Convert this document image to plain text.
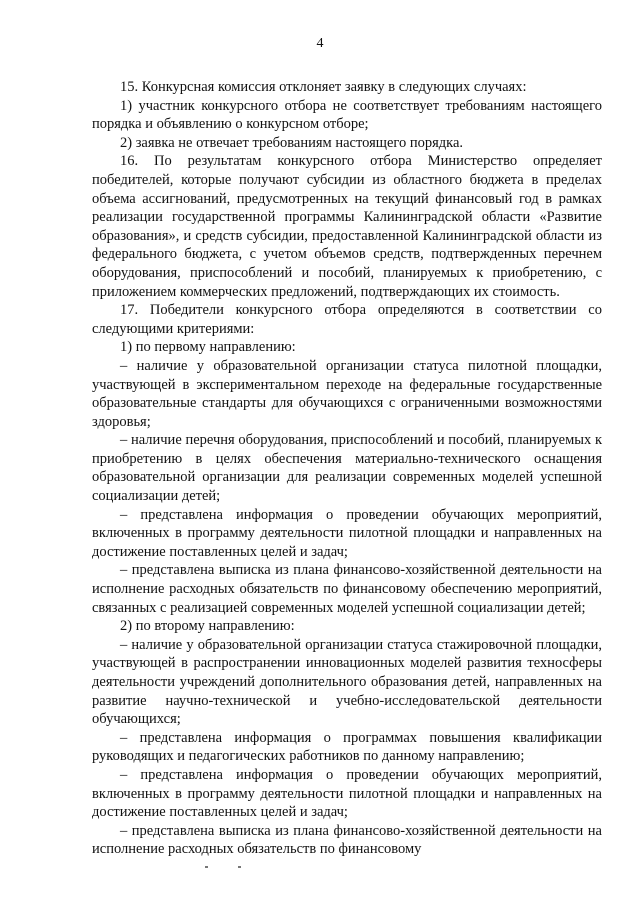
4

15. Конкурсная комиссия отклоняет заявку в следующих случаях:

1) участник конкурсного отбора не соответствует требованиям настоящего порядка и объявлению о конкурсном отборе;

2) заявка не отвечает требованиям настоящего порядка.

16. По результатам конкурсного отбора Министерство определяет победителей, которые получают субсидии из областного бюджета в пределах объема ассигнований, предусмотренных на текущий финансовый год в рамках реализации государственной программы Калининградской области «Развитие образования», и средств субсидии, предоставленной Калининградской области из федерального бюджета, с учетом объемов средств, подтвержденных перечнем оборудования, приспособлений и пособий, планируемых к приобретению, с приложением коммерческих предложений, подтверждающих их стоимость.

17. Победители конкурсного отбора определяются в соответствии со следующими критериями:

1) по первому направлению:

– наличие у образовательной организации статуса пилотной площадки, участвующей в экспериментальном переходе на федеральные государственные образовательные стандарты для обучающихся с ограниченными возможностями здоровья;

– наличие перечня оборудования, приспособлений и пособий, планируемых к приобретению в целях обеспечения материально-технического оснащения образовательной организации для реализации современных моделей успешной социализации детей;

– представлена информация о проведении обучающих мероприятий, включенных в программу деятельности пилотной площадки и направленных на достижение поставленных целей и задач;

– представлена выписка из плана финансово-хозяйственной деятельности на исполнение расходных обязательств по финансовому обеспечению мероприятий, связанных с реализацией современных моделей успешной социализации детей;

2) по второму направлению:

– наличие у образовательной организации статуса стажировочной площадки, участвующей в распространении инновационных моделей развития техносферы деятельности учреждений дополнительного образования детей, направленных на развитие научно-технической и учебно-исследовательской деятельности обучающихся;

– представлена информация о программах повышения квалификации руководящих и педагогических работников по данному направлению;

– представлена информация о проведении обучающих мероприятий, включенных в программу деятельности пилотной площадки и направленных на достижение поставленных целей и задач;

– представлена выписка из плана финансово-хозяйственной деятельности на исполнение расходных обязательств по финансовому
